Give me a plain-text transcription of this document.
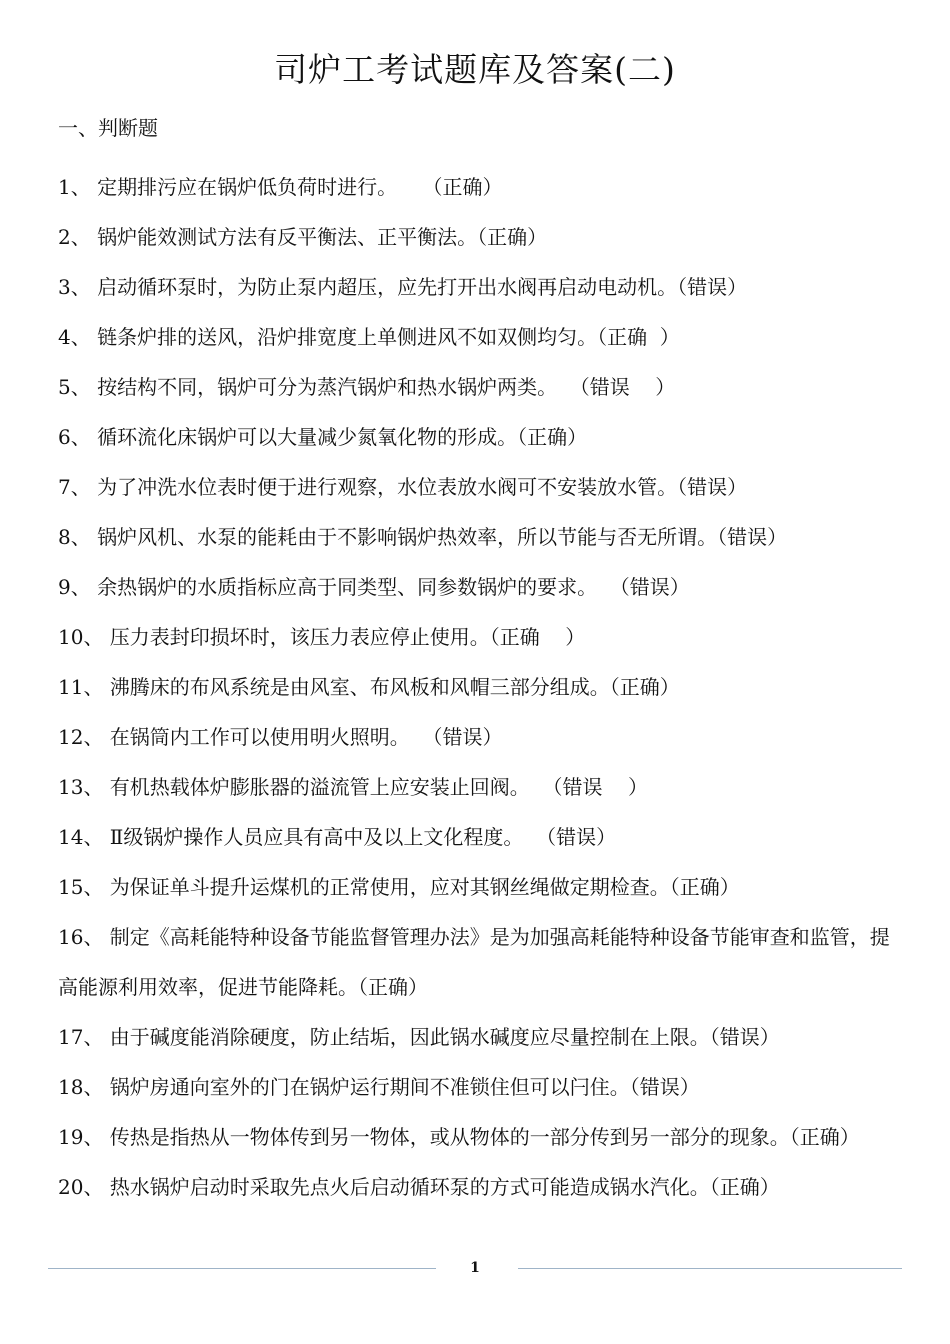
司炉工考试题库及答案(二)
一、判断题
1、 定期排污应在锅炉低负荷时进行。    （正确）
2、 锅炉能效测试方法有反平衡法、正平衡法。（正确）
3、 启动循环泵时，为防止泵内超压，应先打开出水阀再启动电动机。（错误）
4、 链条炉排的送风，沿炉排宽度上单侧进风不如双侧均匀。（正确  ）
5、 按结构不同，锅炉可分为蒸汽锅炉和热水锅炉两类。  （错误    ）
6、 循环流化床锅炉可以大量减少氮氧化物的形成。（正确）
7、 为了冲洗水位表时便于进行观察，水位表放水阀可不安装放水管。（错误）
8、 锅炉风机、水泵的能耗由于不影响锅炉热效率，所以节能与否无所谓。（错误）
9、 余热锅炉的水质指标应高于同类型、同参数锅炉的要求。  （错误）
10、 压力表封印损坏时，该压力表应停止使用。（正确    ）
11、 沸腾床的布风系统是由风室、布风板和风帽三部分组成。（正确）
12、 在锅筒内工作可以使用明火照明。  （错误）
13、 有机热载体炉膨胀器的溢流管上应安装止回阀。  （错误    ）
14、 Ⅱ级锅炉操作人员应具有高中及以上文化程度。  （错误）
15、 为保证单斗提升运煤机的正常使用，应对其钢丝绳做定期检查。（正确）
16、 制定《高耗能特种设备节能监督管理办法》是为加强高耗能特种设备节能审查和监管，提高能源利用效率，促进节能降耗。（正确）
17、 由于碱度能消除硬度，防止结垢，因此锅水碱度应尽量控制在上限。（错误）
18、 锅炉房通向室外的门在锅炉运行期间不准锁住但可以闩住。（错误）
19、 传热是指热从一物体传到另一物体，或从物体的一部分传到另一部分的现象。（正确）
20、 热水锅炉启动时采取先点火后启动循环泵的方式可能造成锅水汽化。（正确）
1
